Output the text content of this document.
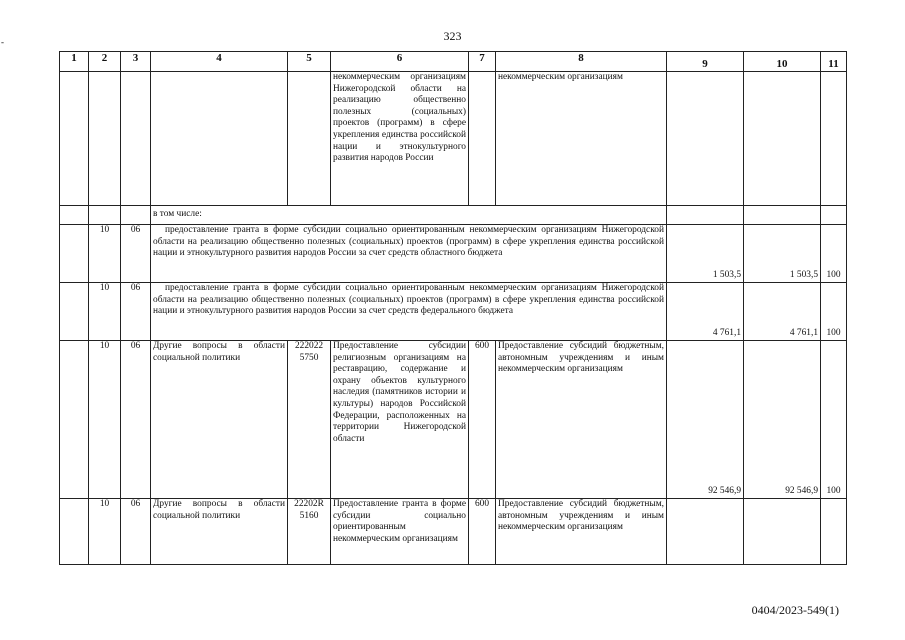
323
-
1	2	3	4	5	6	7	8	9	10	11
					некоммерческим организациям Нижегородской области на реализацию общественно полезных (социальных) проектов (программ) в сфере укрепления единства российской нации и этнокультурного развития народов России		некоммерческим организациям			
			в том числе:							
	10	06	предоставление гранта в форме субсидии социально ориентированным некоммерческим организациям Нижегородской области на реализацию общественно полезных (социальных) проектов (программ) в сфере укрепления единства российской нации и этнокультурного развития народов России за счет средств областного бюджета					1 503,5	1 503,5	100
	10	06	предоставление гранта в форме субсидии социально ориентированным некоммерческим организациям Нижегородской области на реализацию общественно полезных (социальных) проектов (программ) в сфере укрепления единства российской нации и этнокультурного развития народов России за счет средств федерального бюджета					4 761,1	4 761,1	100
	10	06	Другие вопросы в области социальной политики	222022
5750	Предоставление субсидии религиозным организациям на реставрацию, содержание и охрану объектов культурного наследия (памятников истории и культуры) народов Российской Федерации, расположенных на территории Нижегородской области	600	Предоставление субсидий бюджетным, автономным учреждениям и иным некоммерческим организациям	92 546,9	92 546,9	100
	10	06	Другие вопросы в области социальной политики	22202R
5160	Предоставление гранта в форме субсидии социально ориентированным некоммерческим организациям	600	Предоставление субсидий бюджетным, автономным учреждениям и иным некоммерческим организациям			
0404/2023-549(1)
